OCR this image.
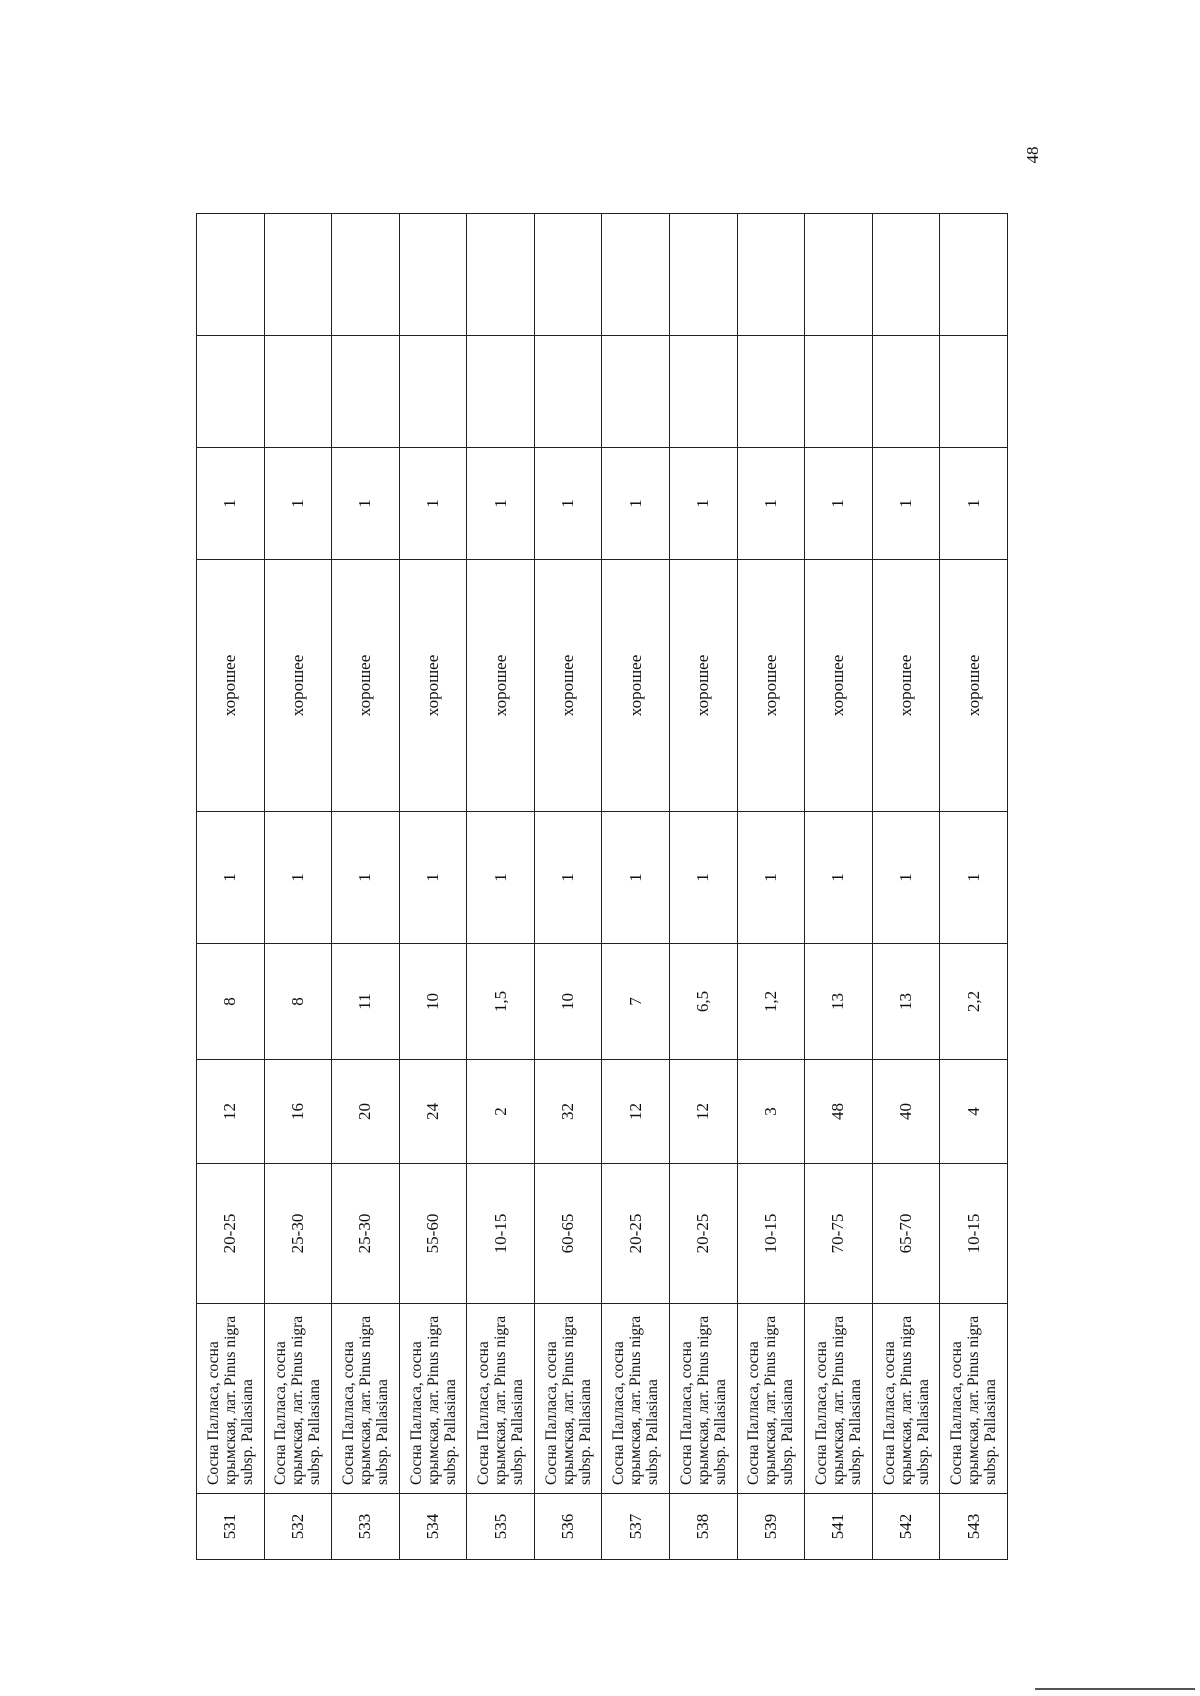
48
531	Сосна Палласа, сосна крымская, лат. Pinus nigra subsp. Pallasiana	20-25	12	8	1	хорошее	1		
532	Сосна Палласа, сосна крымская, лат. Pinus nigra subsp. Pallasiana	25-30	16	8	1	хорошее	1		
533	Сосна Палласа, сосна крымская, лат. Pinus nigra subsp. Pallasiana	25-30	20	11	1	хорошее	1		
534	Сосна Палласа, сосна крымская, лат. Pinus nigra subsp. Pallasiana	55-60	24	10	1	хорошее	1		
535	Сосна Палласа, сосна крымская, лат. Pinus nigra subsp. Pallasiana	10-15	2	1,5	1	хорошее	1		
536	Сосна Палласа, сосна крымская, лат. Pinus nigra subsp. Pallasiana	60-65	32	10	1	хорошее	1		
537	Сосна Палласа, сосна крымская, лат. Pinus nigra subsp. Pallasiana	20-25	12	7	1	хорошее	1		
538	Сосна Палласа, сосна крымская, лат. Pinus nigra subsp. Pallasiana	20-25	12	6,5	1	хорошее	1		
539	Сосна Палласа, сосна крымская, лат. Pinus nigra subsp. Pallasiana	10-15	3	1,2	1	хорошее	1		
541	Сосна Палласа, сосна крымская, лат. Pinus nigra subsp. Pallasiana	70-75	48	13	1	хорошее	1		
542	Сосна Палласа, сосна крымская, лат. Pinus nigra subsp. Pallasiana	65-70	40	13	1	хорошее	1		
543	Сосна Палласа, сосна крымская, лат. Pinus nigra subsp. Pallasiana	10-15	4	2,2	1	хорошее	1		
